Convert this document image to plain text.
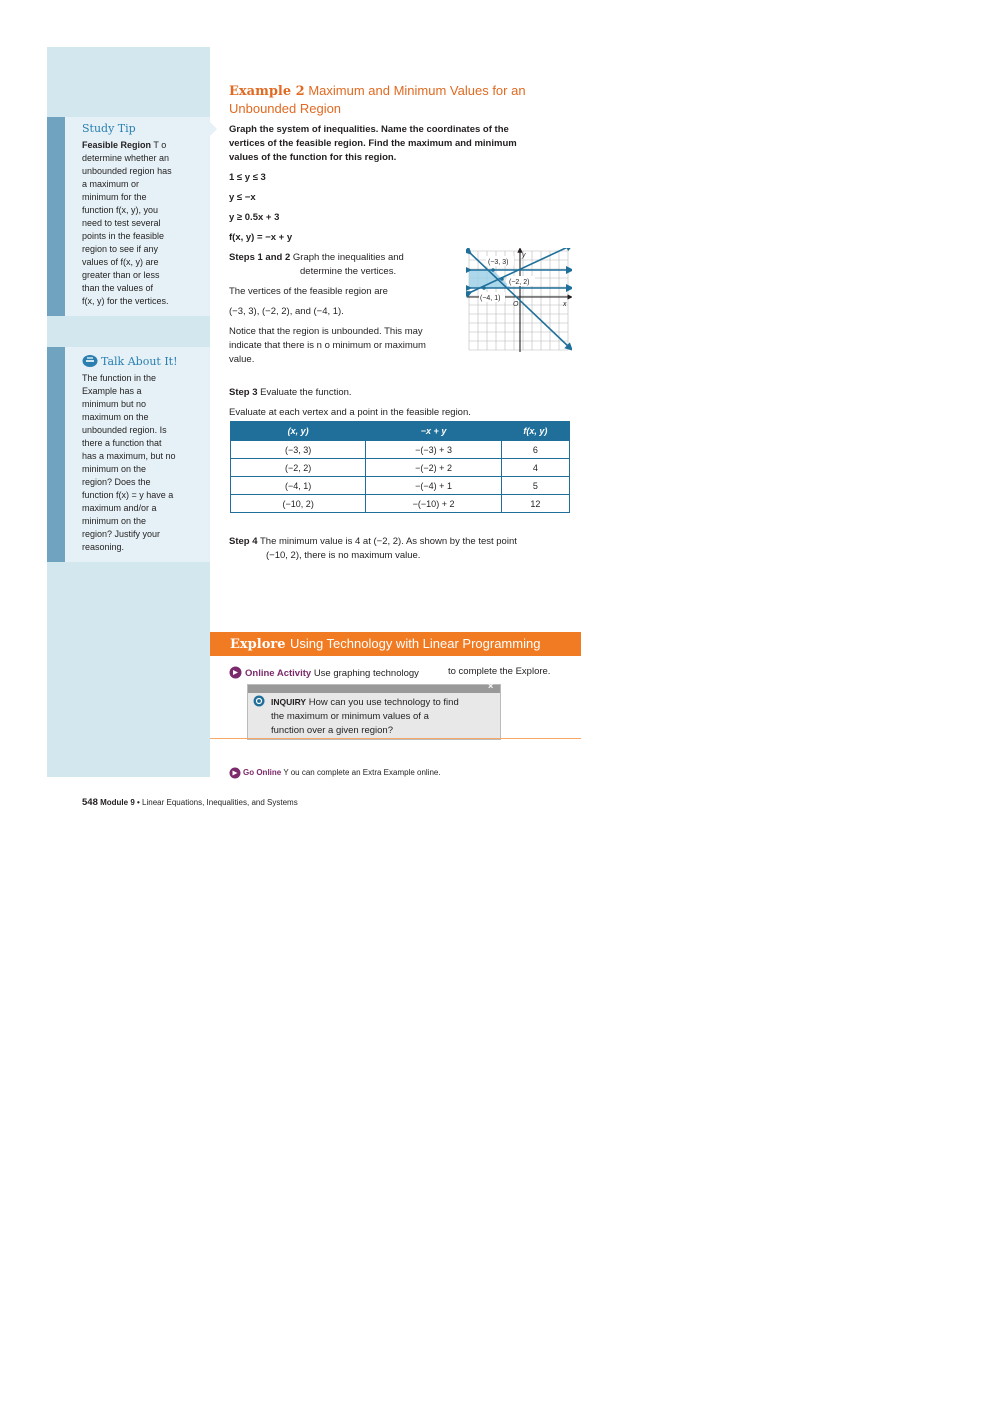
Study Tip
Feasible Region T o
determine whether an
unbounded region has
a maximum or
minimum for the
function f(x, y), you
need to test several
points in the feasible
region to see if any
values of f(x, y) are
greater than or less
than the values of
f(x, y) for the vertices.
Talk About It!
The function in the
Example has a
minimum but no
maximum on the
unbounded region. Is
there a function that
has a maximum, but no
minimum on the
region? Does the
function f(x) = y have a
maximum and/or a
minimum on the
region? Justify your
reasoning.
Example 2 Maximum and Minimum Values for an
Unbounded Region
Graph the system of inequalities. Name the coordinates of the
vertices of the feasible region. Find the maximum and minimum
values of the function for this region.
1 ≤ y ≤ 3
y ≤ −x
y ≥ 0.5x + 3
f(x, y) = −x + y
Steps 1 and 2 Graph the inequalities and
determine the vertices.
The vertices of the feasible region are
(−3, 3), (−2, 2), and (−4, 1).
Notice that the region is unbounded. This may
indicate that there is n o minimum or maximum
value.
(−3, 3)
(−2, 2)
(−4, 1)
y
x
O
Step 3 Evaluate the function.
Evaluate at each vertex and a point in the feasible region.
(x, y)	−x + y	f(x, y)
(−3, 3)	−(−3) + 3	6
(−2, 2)	−(−2) + 2	4
(−4, 1)	−(−4) + 1	5
(−10, 2)	−(−10) + 2	12
Step 4 The minimum value is 4 at (−2, 2). As shown by the test point
(−10, 2), there is no maximum value.
Explore Using Technology with Linear Programming
Online Activity Use graphing technology	to complete the Explore.
×
INQUIRY How can you use technology to find
the maximum or minimum values of a
function over a given region?
Go Online Y ou can complete an Extra Example online.
548 Module 9 • Linear Equations, Inequalities, and Systems
